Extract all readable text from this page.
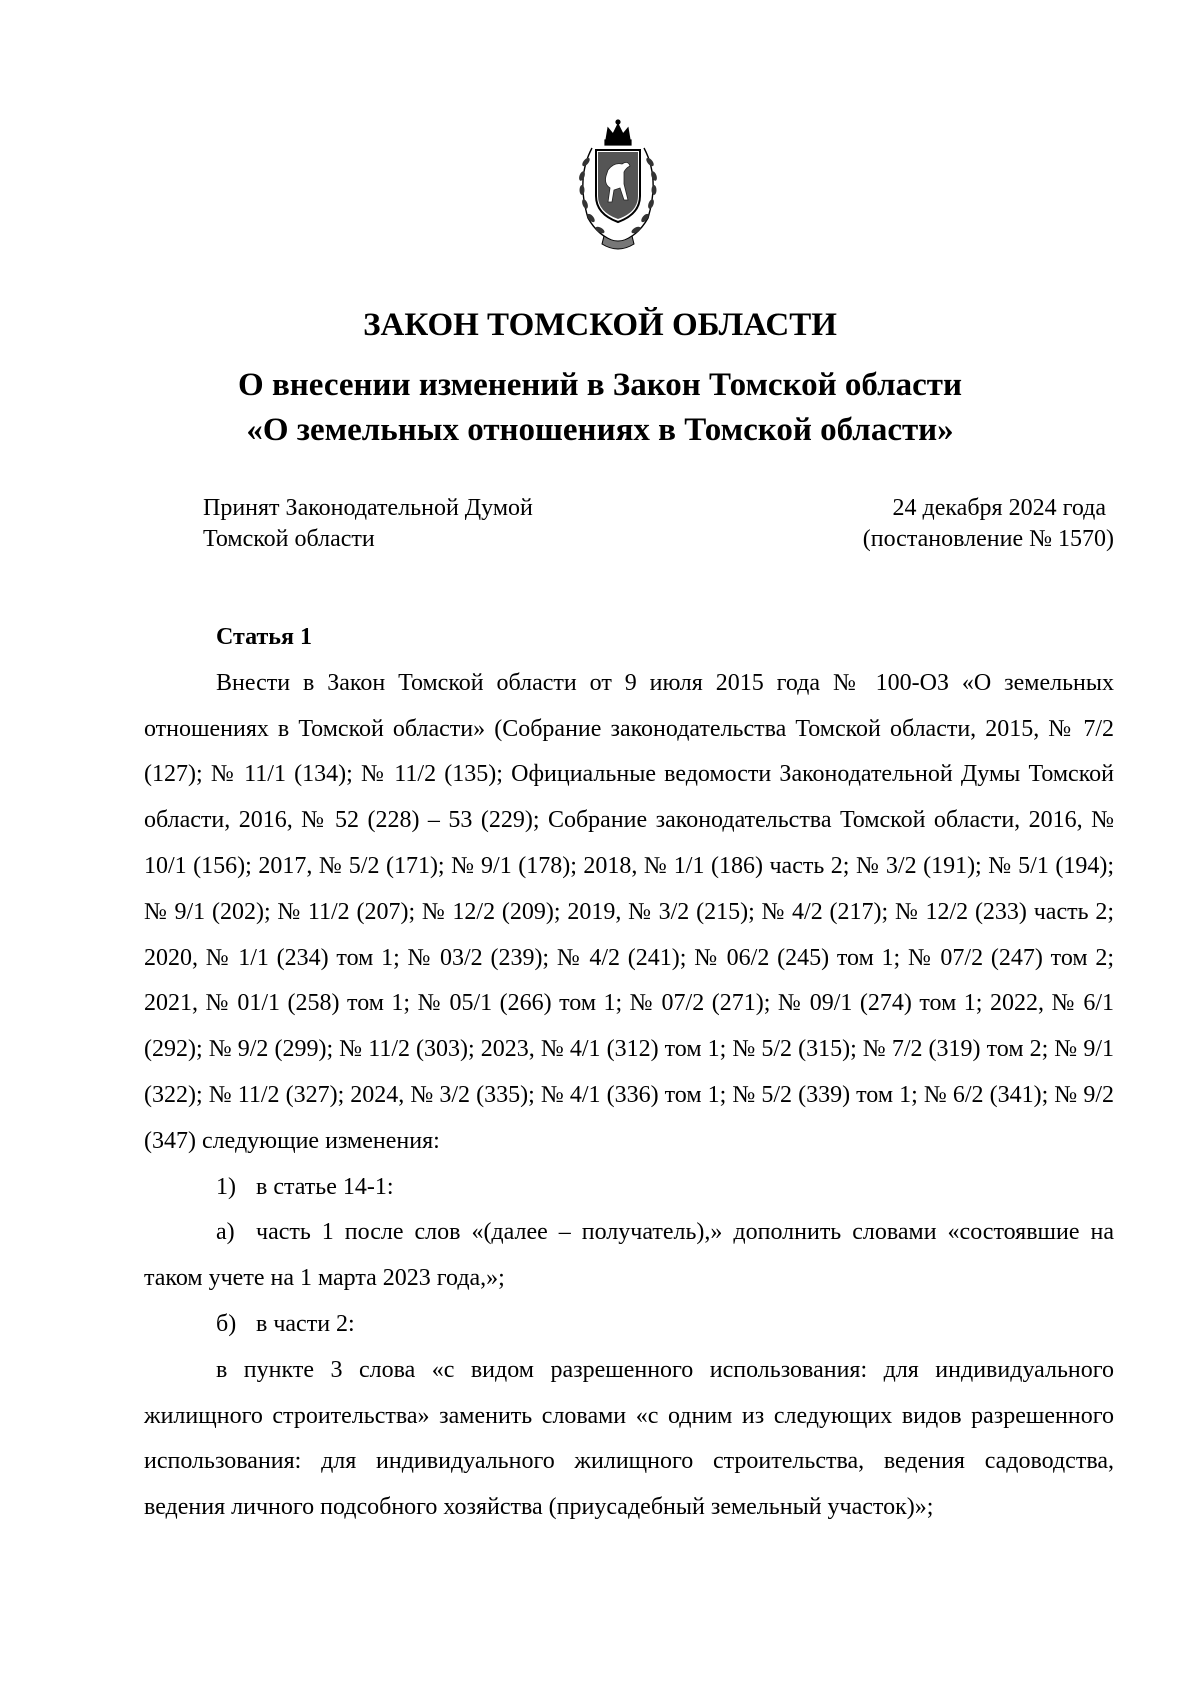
ЗАКОН ТОМСКОЙ ОБЛАСТИ
О внесении изменений в Закон Томской области
«О земельных отношениях в Томской области»
Принят Законодательной Думой
Томской области
24 декабря 2024 года
(постановление № 1570)

Статья 1

Внести в Закон Томской области от 9 июля 2015 года № 100-ОЗ «О земельных отношениях в Томской области» (Собрание законодательства Томской области, 2015, № 7/2 (127); № 11/1 (134); № 11/2 (135); Официальные ведомости Законодательной Думы Томской области, 2016, № 52 (228) – 53 (229); Собрание законодательства Томской области, 2016, № 10/1 (156); 2017, № 5/2 (171); № 9/1 (178); 2018, № 1/1 (186) часть 2; № 3/2 (191); № 5/1 (194); № 9/1 (202); № 11/2 (207); № 12/2 (209); 2019, № 3/2 (215); № 4/2 (217); № 12/2 (233) часть 2; 2020, № 1/1 (234) том 1; № 03/2 (239); № 4/2 (241); № 06/2 (245) том 1; № 07/2 (247) том 2; 2021, № 01/1 (258) том 1; № 05/1 (266) том 1; № 07/2 (271); № 09/1 (274) том 1; 2022, № 6/1 (292); № 9/2 (299); № 11/2 (303); 2023, № 4/1 (312) том 1; № 5/2 (315); № 7/2 (319) том 2; № 9/1 (322); № 11/2 (327); 2024, № 3/2 (335); № 4/1 (336) том 1; № 5/2 (339) том 1; № 6/2 (341); № 9/2 (347) следующие изменения:

1) в статье 14-1:

а) часть 1 после слов «(далее – получатель),» дополнить словами «состоявшие на таком учете на 1 марта 2023 года,»;

б) в части 2:

в пункте 3 слова «с видом разрешенного использования: для индивидуального жилищного строительства» заменить словами «с одним из следующих видов разрешенного использования: для индивидуального жилищного строительства, ведения садоводства, ведения личного подсобного хозяйства (приусадебный земельный участок)»;
